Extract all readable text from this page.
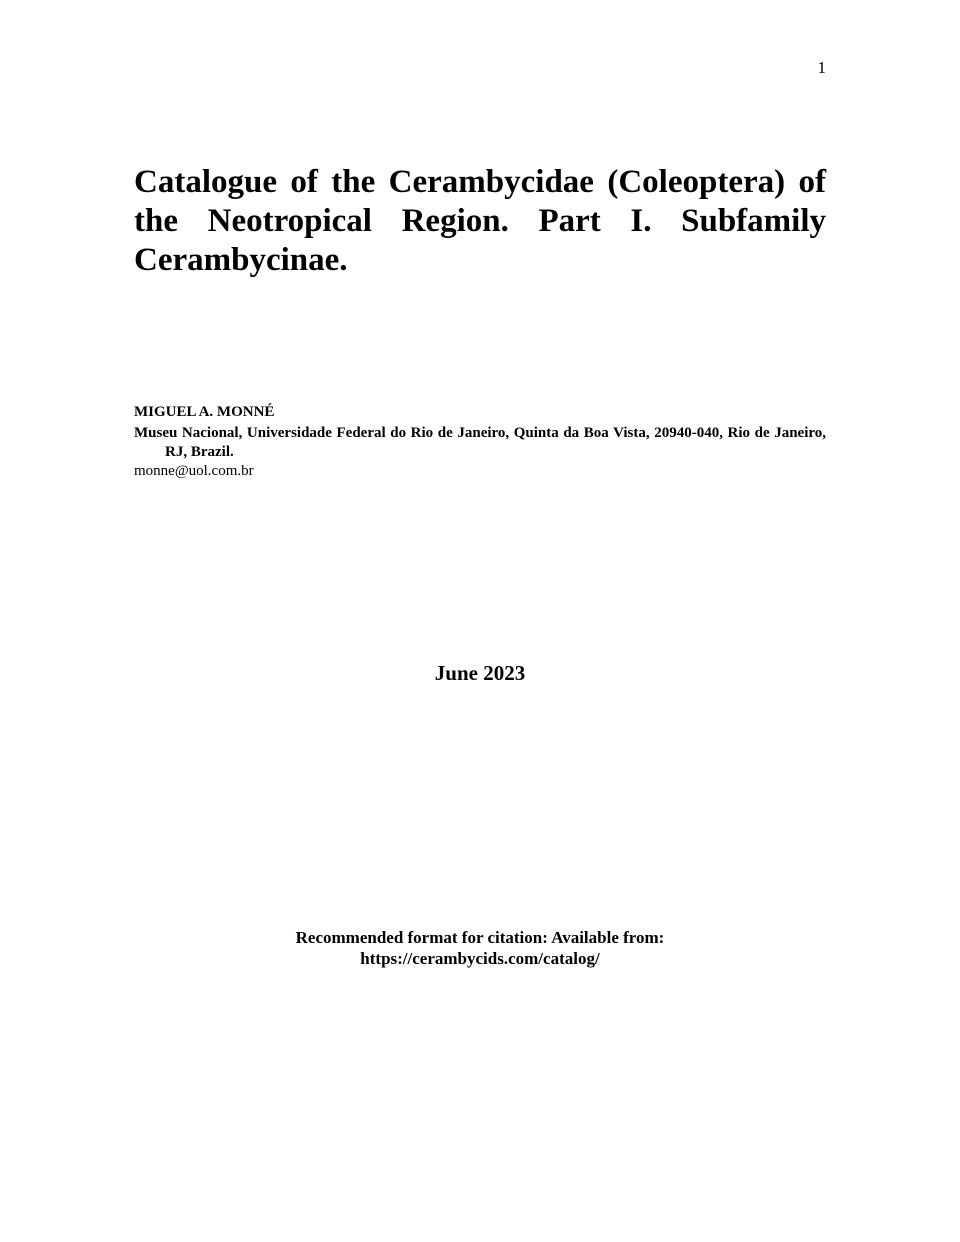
1
Catalogue of the Cerambycidae (Coleoptera) of the Neotropical Region. Part I. Subfamily Cerambycinae.
MIGUEL A. MONNÉ
Museu Nacional, Universidade Federal do Rio de Janeiro, Quinta da Boa Vista, 20940-040, Rio de Janeiro, RJ, Brazil.
monne@uol.com.br
June 2023
Recommended format for citation: Available from:
https://cerambycids.com/catalog/
